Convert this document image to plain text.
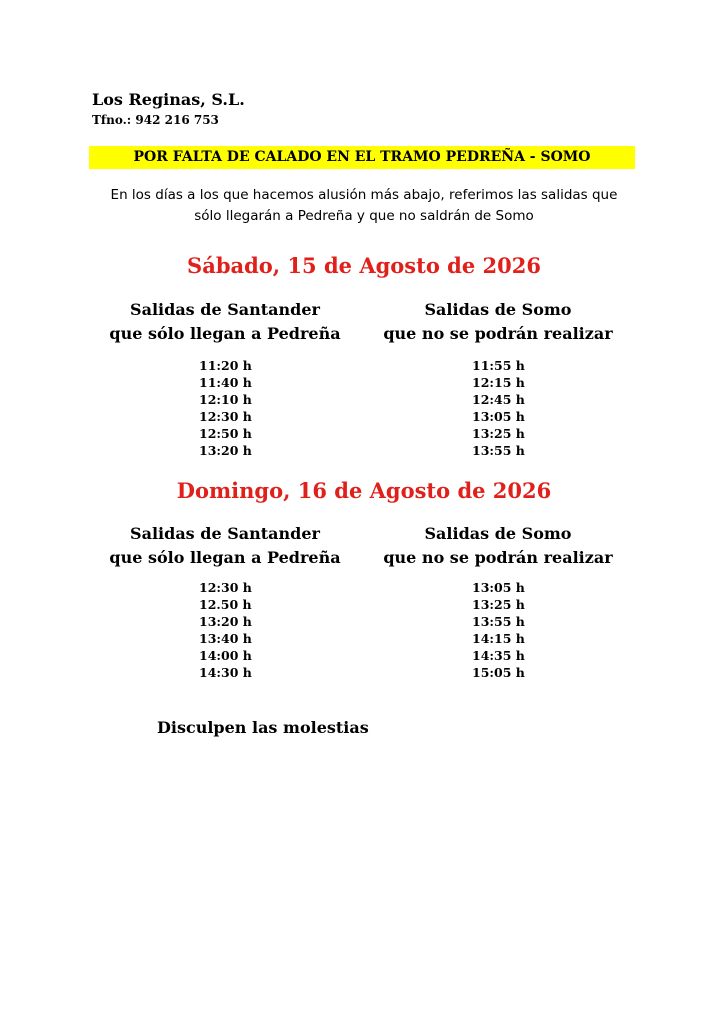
Los Reginas, S.L.
Tfno.: 942 216 753
POR FALTA DE CALADO EN EL TRAMO PEDREÑA - SOMO
En los días a los que hacemos alusión más abajo, referimos las salidas que
sólo llegarán a Pedreña y que no saldrán de Somo
Sábado, 15 de Agosto de 2026
Salidas de Santander
que sólo llegan a Pedreña
Salidas de Somo
que no se podrán realizar
11:20 h
11:40 h
12:10 h
12:30 h
12:50 h
13:20 h
11:55 h
12:15 h
12:45 h
13:05 h
13:25 h
13:55 h
Domingo, 16 de Agosto de 2026
Salidas de Santander
que sólo llegan a Pedreña
Salidas de Somo
que no se podrán realizar
12:30 h
12.50 h
13:20 h
13:40 h
14:00 h
14:30 h
13:05 h
13:25 h
13:55 h
14:15 h
14:35 h
15:05 h
Disculpen las molestias
